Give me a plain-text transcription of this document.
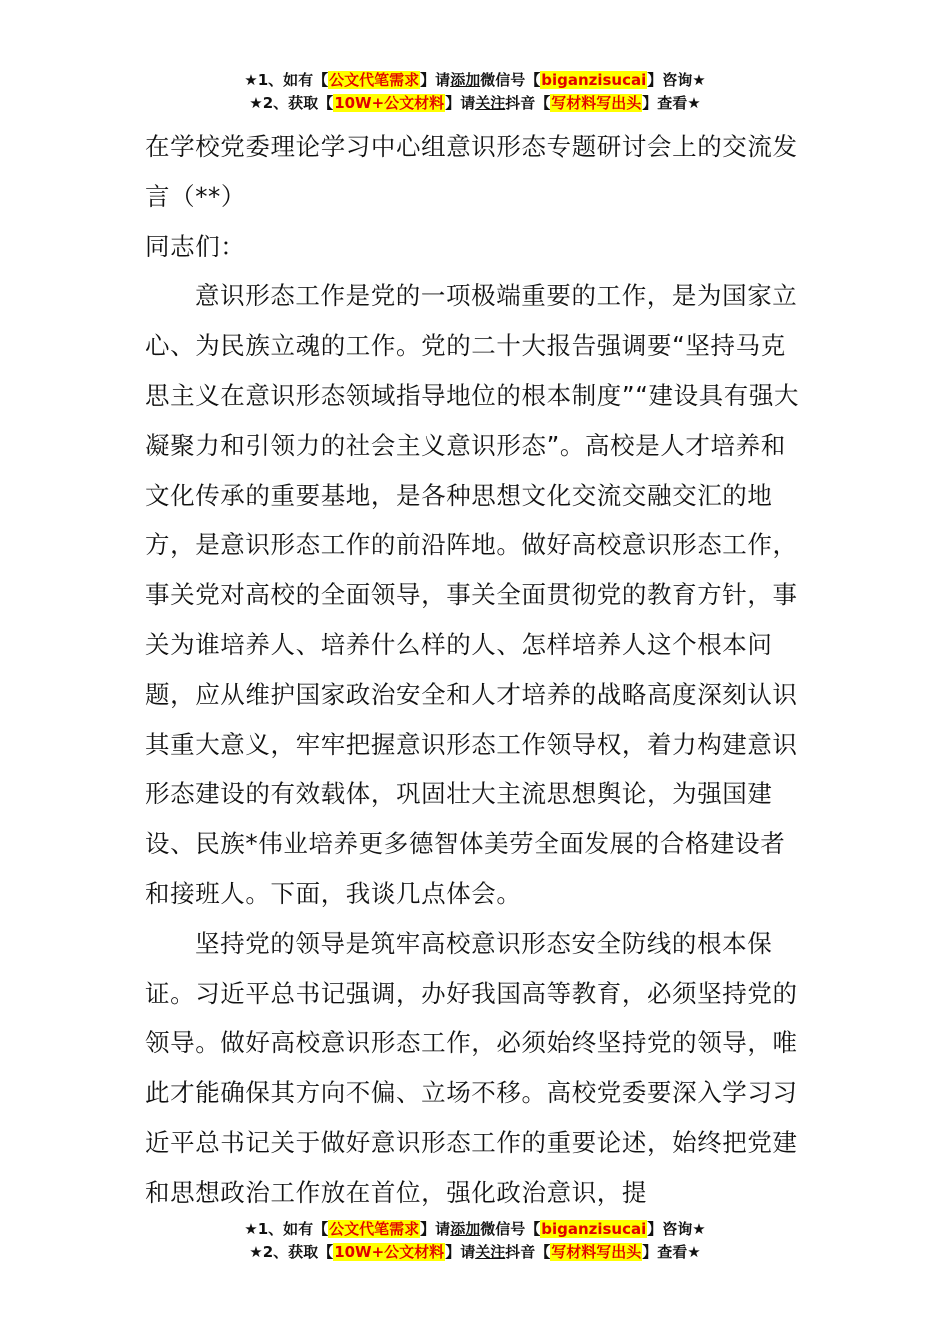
★1、如有【公文代笔需求】请添加微信号【biganzisucai】咨询★
★2、获取【10W+公文材料】请关注抖音【写材料写出头】查看★

在学校党委理论学习中心组意识形态专题研讨会上的交流发言（**）

同志们：

意识形态工作是党的一项极端重要的工作，是为国家立心、为民族立魂的工作。党的二十大报告强调要“坚持马克思主义在意识形态领域指导地位的根本制度”“建设具有强大凝聚力和引领力的社会主义意识形态”。高校是人才培养和文化传承的重要基地，是各种思想文化交流交融交汇的地方，是意识形态工作的前沿阵地。做好高校意识形态工作，事关党对高校的全面领导，事关全面贯彻党的教育方针，事关为谁培养人、培养什么样的人、怎样培养人这个根本问题，应从维护国家政治安全和人才培养的战略高度深刻认识其重大意义，牢牢把握意识形态工作领导权，着力构建意识形态建设的有效载体，巩固壮大主流思想舆论，为强国建设、民族*伟业培养更多德智体美劳全面发展的合格建设者和接班人。下面，我谈几点体会。

坚持党的领导是筑牢高校意识形态安全防线的根本保证。习近平总书记强调，办好我国高等教育，必须坚持党的领导。做好高校意识形态工作，必须始终坚持党的领导，唯此才能确保其方向不偏、立场不移。高校党委要深入学习习近平总书记关于做好意识形态工作的重要论述，始终把党建和思想政治工作放在首位，强化政治意识，提

★1、如有【公文代笔需求】请添加微信号【biganzisucai】咨询★
★2、获取【10W+公文材料】请关注抖音【写材料写出头】查看★
